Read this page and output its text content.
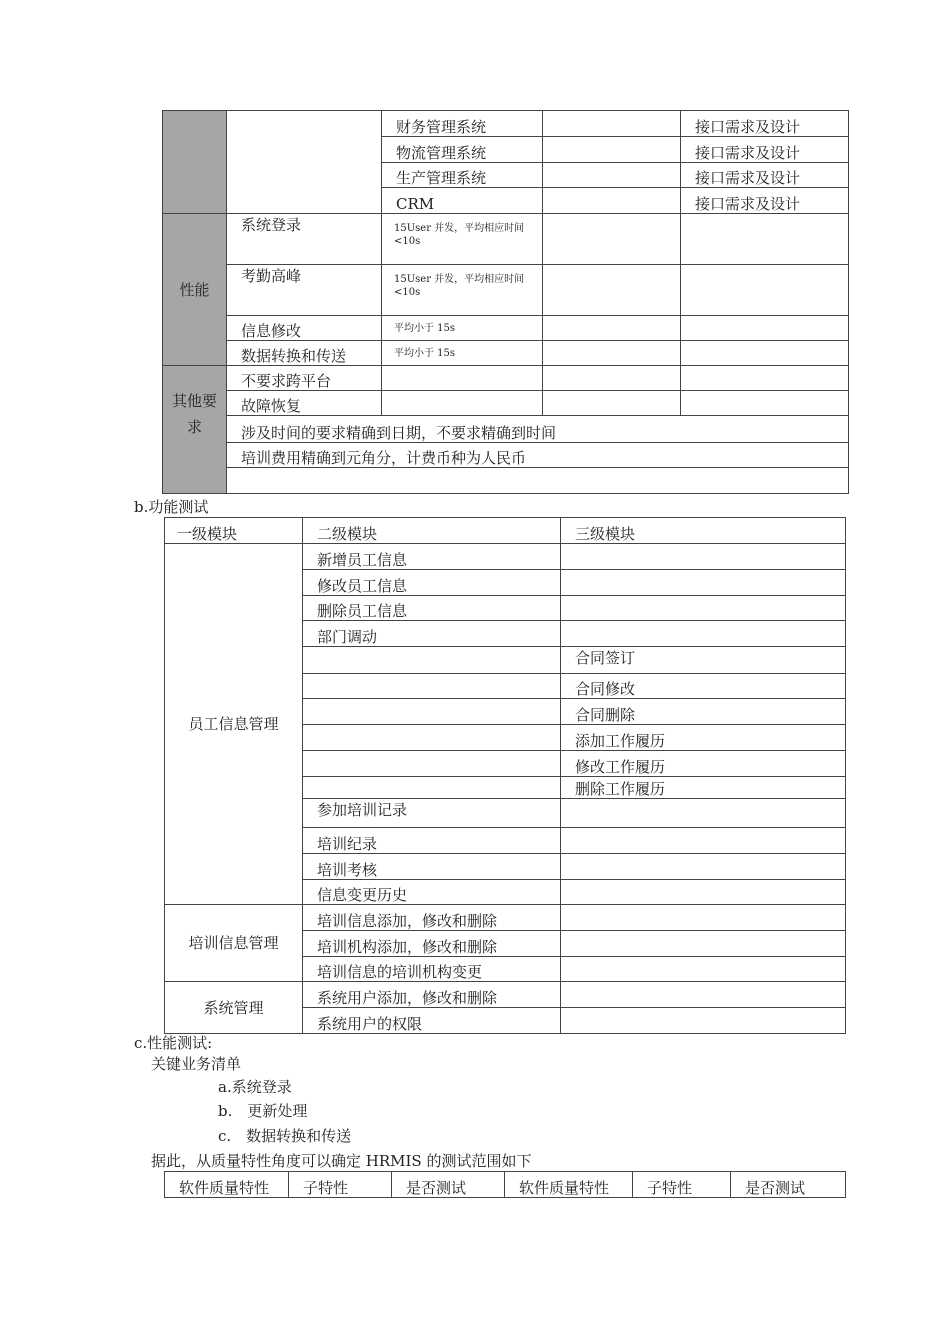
		财务管理系统		接口需求及设计
		物流管理系统		接口需求及设计
		生产管理系统		接口需求及设计
		CRM		接口需求及设计
性能	系统登录	15User 并发，平均相应时间<10s		
	考勤高峰	15User 并发，平均相应时间<10s		
	信息修改	平均小于 15s		
	数据转换和传送	平均小于 15s		
其他要求	不要求跨平台			
	故障恢复			
	涉及时间的要求精确到日期，不要求精确到时间			
	培训费用精确到元角分，计费币种为人民币			

b.功能测试
一级模块	二级模块	三级模块
员工信息管理	新增员工信息	
	修改员工信息	
	删除员工信息	
	部门调动	
		合同签订
		合同修改
		合同删除
		添加工作履历
		修改工作履历
		删除工作履历
	参加培训记录	
	培训纪录	
	培训考核	
	信息变更历史	
培训信息管理	培训信息添加，修改和删除	
	培训机构添加，修改和删除	
	培训信息的培训机构变更	
系统管理	系统用户添加，修改和删除	
	系统用户的权限	
c.性能测试:
关键业务清单
a.系统登录
b.　更新处理
c.　数据转换和传送
据此，从质量特性角度可以确定 HRMIS 的测试范围如下
软件质量特性	子特性	是否测试	软件质量特性	子特性	是否测试
